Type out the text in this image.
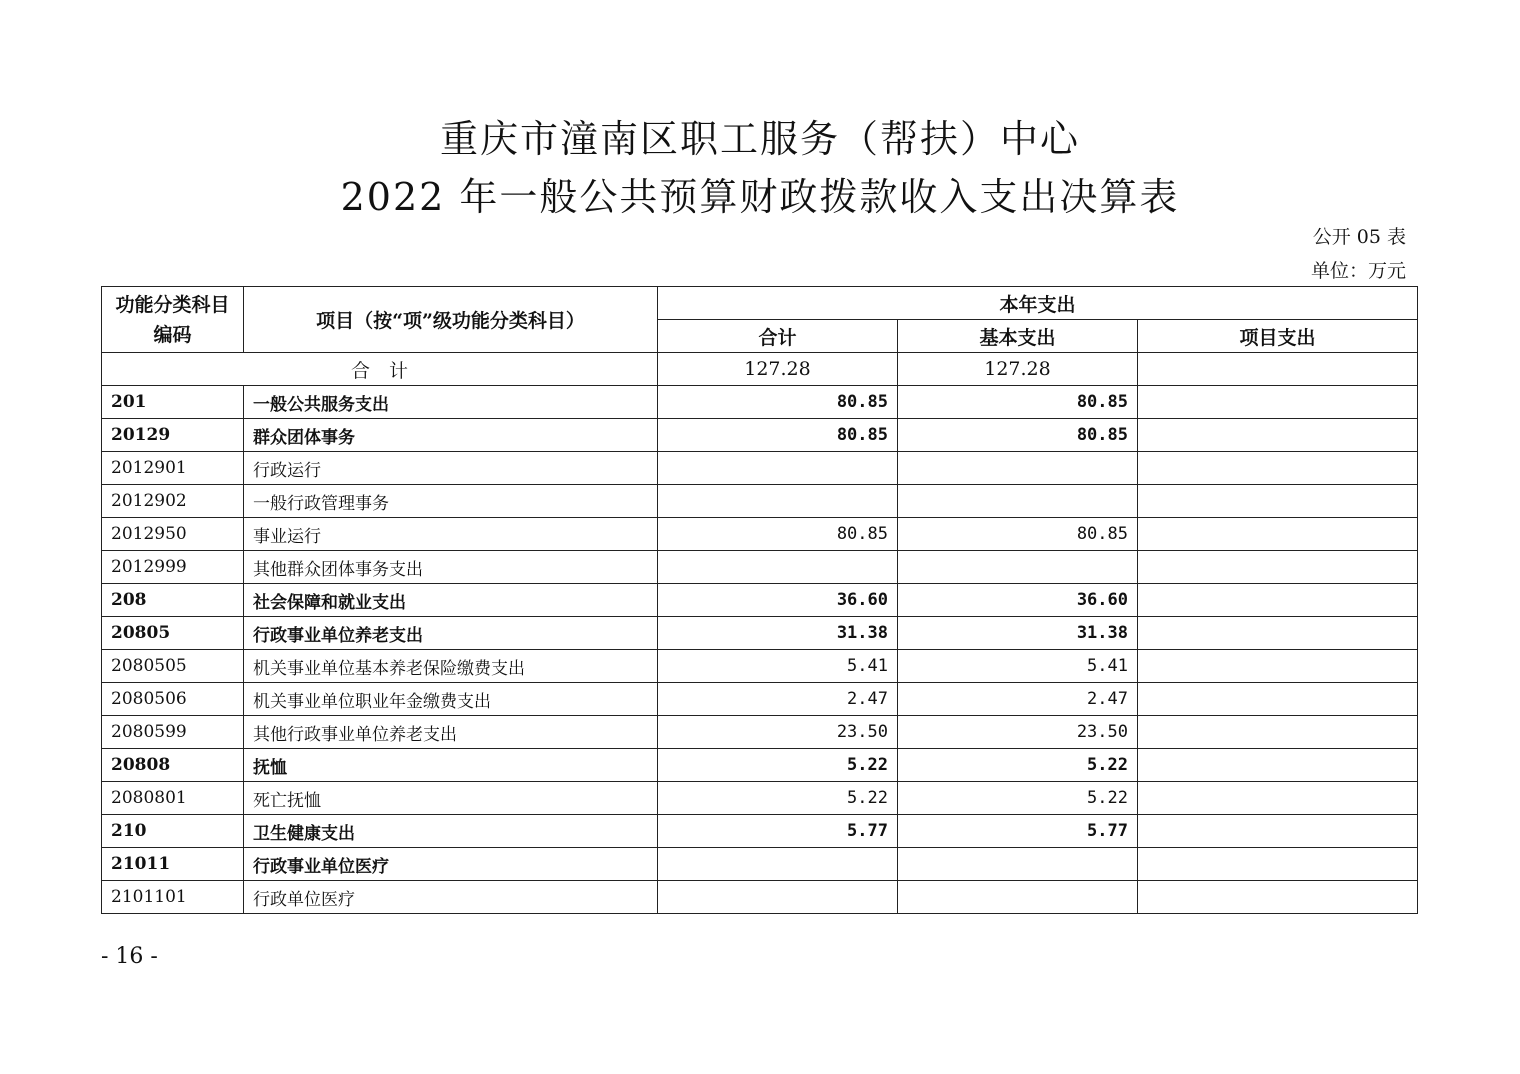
重庆市潼南区职工服务（帮扶）中心
2022 年一般公共预算财政拨款收入支出决算表
公开 05 表
单位：万元
功能分类科目编码	项目（按“项”级功能分类科目）	本年支出		
		合计	基本支出	项目支出
合　计		127.28	127.28	
201	一般公共服务支出	80.85	80.85	
20129	群众团体事务	80.85	80.85	
2012901	行政运行			
2012902	一般行政管理事务			
2012950	事业运行	80.85	80.85	
2012999	其他群众团体事务支出			
208	社会保障和就业支出	36.60	36.60	
20805	行政事业单位养老支出	31.38	31.38	
2080505	机关事业单位基本养老保险缴费支出	5.41	5.41	
2080506	机关事业单位职业年金缴费支出	2.47	2.47	
2080599	其他行政事业单位养老支出	23.50	23.50	
20808	抚恤	5.22	5.22	
2080801	死亡抚恤	5.22	5.22	
210	卫生健康支出	5.77	5.77	
21011	行政事业单位医疗			
2101101	行政单位医疗			
- 16 -
